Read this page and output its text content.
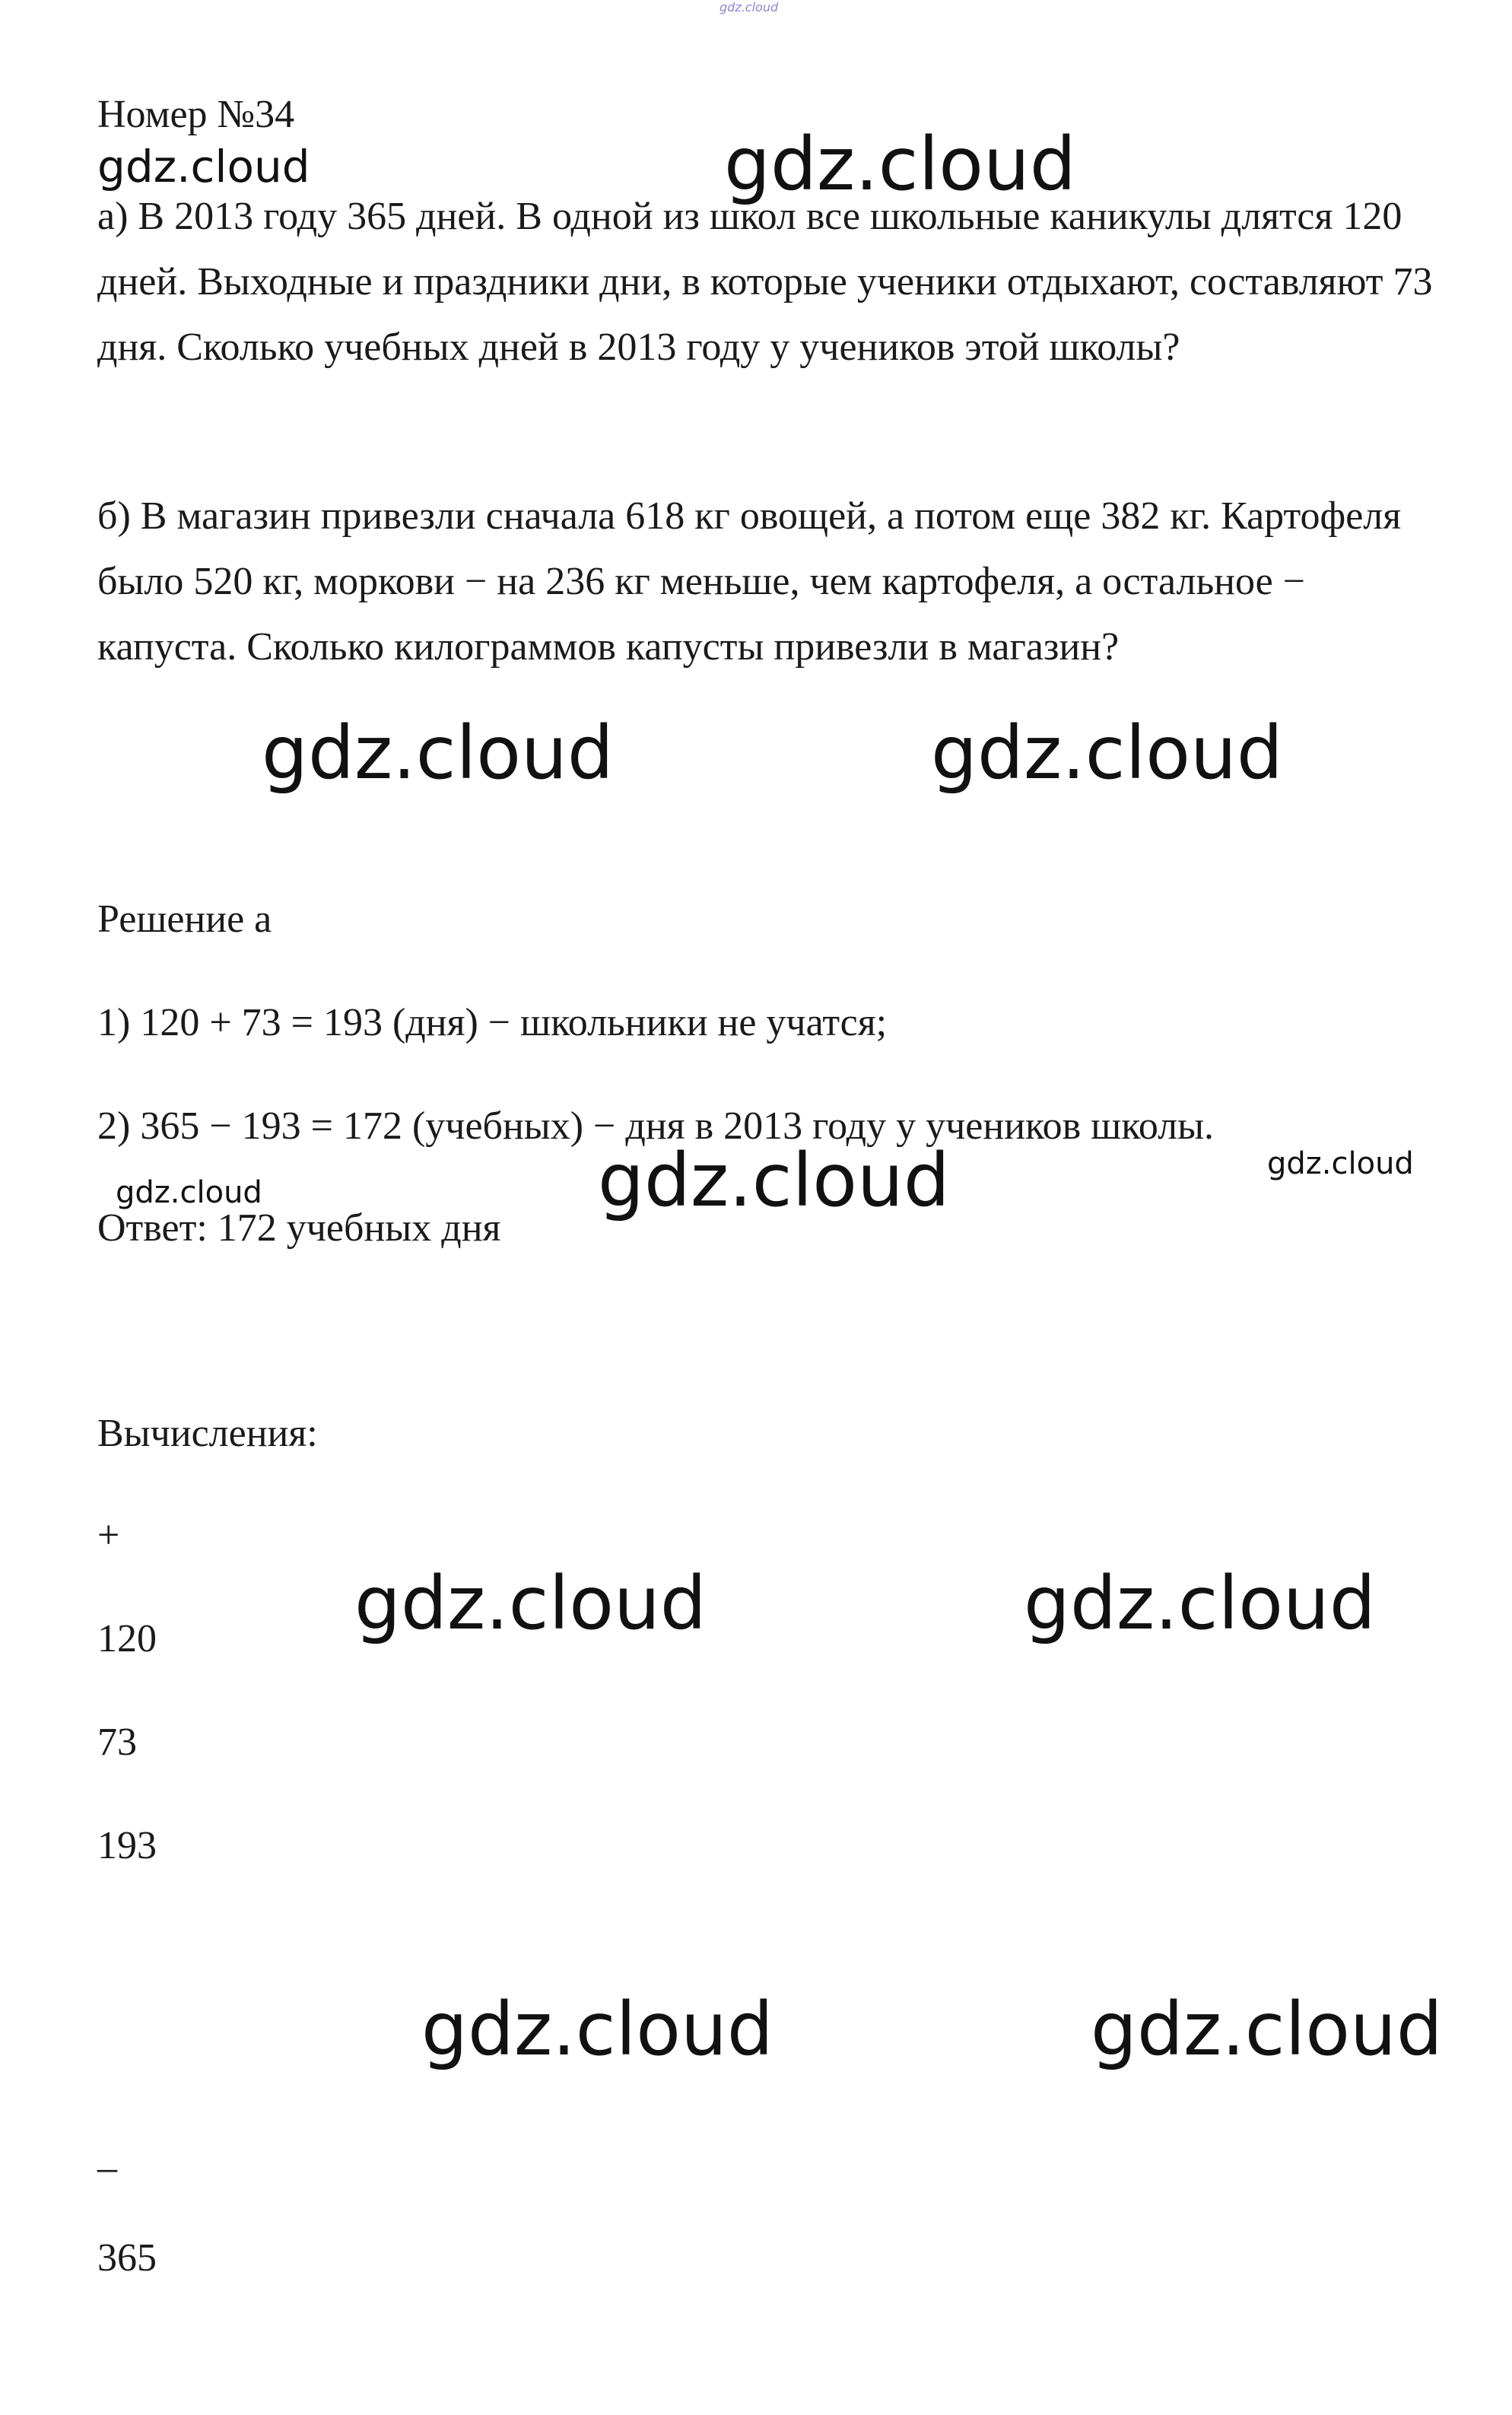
gdz.cloud
Номер №34
gdz.cloud	gdz.cloud
а) В 2013 году 365 дней. В одной из школ все школьные каникулы длятся 120 дней. Выходные и праздники дни, в которые ученики отдыхают, составляют 73 дня. Сколько учебных дней в 2013 году у учеников этой школы?
б) В магазин привезли сначала 618 кг овощей, а потом еще 382 кг. Картофеля было 520 кг, моркови − на 236 кг меньше, чем картофеля, а остальное − капуста. Сколько килограммов капусты привезли в магазин?
gdz.cloud	gdz.cloud
Решение а
1) 120 + 73 = 193 (дня) − школьники не учатся;
2) 365 − 193 = 172 (учебных) − дня в 2013 году у учеников школы.
gdz.cloud	gdz.cloud	gdz.cloud
Ответ: 172 учебных дня
Вычисления:
+
120	gdz.cloud	gdz.cloud
73
193
gdz.cloud	gdz.cloud
_
365
